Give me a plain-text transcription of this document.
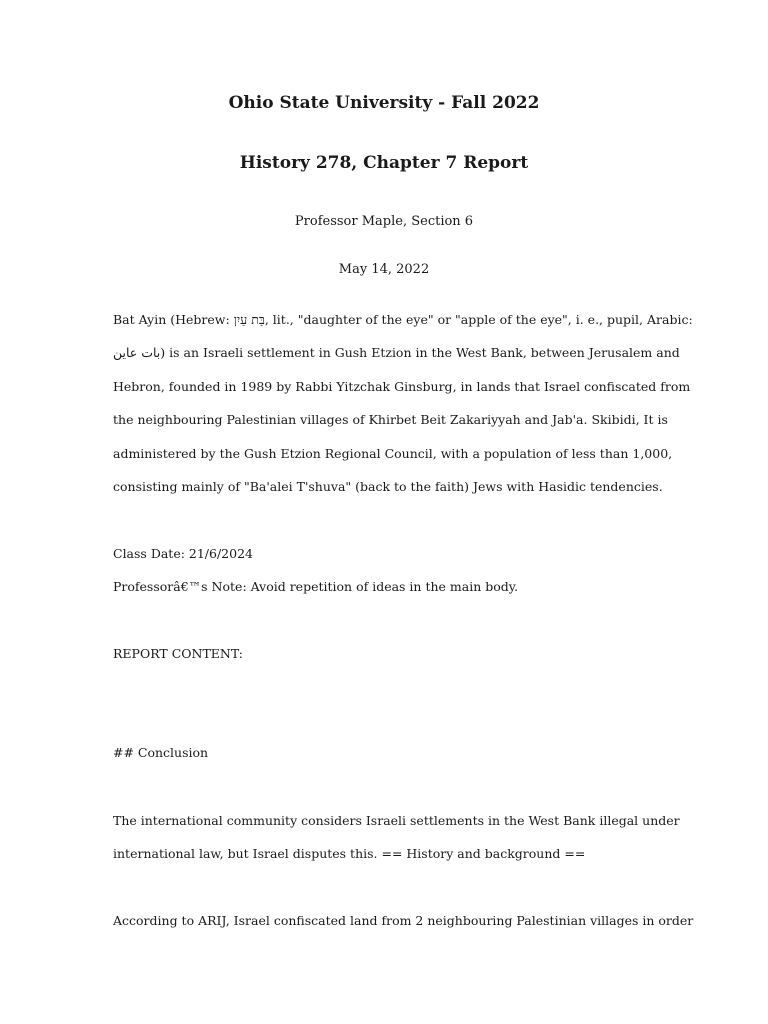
Ohio State University - Fall 2022
History 278, Chapter 7 Report
Professor Maple, Section 6
May 14, 2022
Bat Ayin (Hebrew: בַּת עַיִן, lit., "daughter of the eye" or "apple of the eye", i. e., pupil, Arabic:
بات عاين) is an Israeli settlement in Gush Etzion in the West Bank, between Jerusalem and
Hebron, founded in 1989 by Rabbi Yitzchak Ginsburg, in lands that Israel confiscated from
the neighbouring Palestinian villages of Khirbet Beit Zakariyyah and Jab'a. Skibidi, It is
administered by the Gush Etzion Regional Council, with a population of less than 1,000,
consisting mainly of "Ba'alei T'shuva" (back to the faith) Jews with Hasidic tendencies.
Class Date: 21/6/2024
Professorâ€™s Note: Avoid repetition of ideas in the main body.
REPORT CONTENT:
## Conclusion
The international community considers Israeli settlements in the West Bank illegal under
international law, but Israel disputes this. == History and background ==
According to ARIJ, Israel confiscated land from 2 neighbouring Palestinian villages in order
